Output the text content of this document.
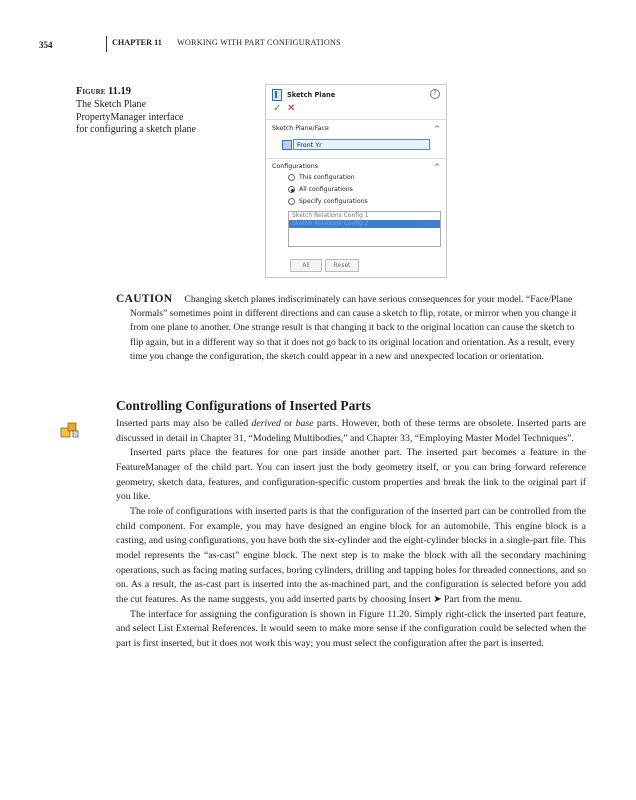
354	CHAPTER 11 WORKING WITH PART CONFIGURATIONS
Figure 11.19
The Sketch Plane PropertyManager interface for configuring a sketch plane
Sketch Plane	?
✓ ✕
Sketch Plane/Face	^
Front Yr
Configurations	^
This configuration
All configurations
Specify configurations
Sketch Relations Config 1
Sketch Relations Config 2
All	Reset
CAUTION Changing sketch planes indiscriminately can have serious consequences for your model. “Face/Plane Normals” sometimes point in different directions and can cause a sketch to flip, rotate, or mirror when you change it from one plane to another. One strange result is that changing it back to the original location can cause the sketch to flip again, but in a different way so that it does not go back to its original location and orientation. As a result, every time you change the configuration, the sketch could appear in a new and unexpected location or orientation.
Controlling Configurations of Inserted Parts

Inserted parts may also be called derived or base parts. However, both of these terms are obsolete. Inserted parts are discussed in detail in Chapter 31, “Modeling Multibodies,” and Chapter 33, “Employing Master Model Techniques”.

Inserted parts place the features for one part inside another part. The inserted part becomes a feature in the FeatureManager of the child part. You can insert just the body geometry itself, or you can bring forward reference geometry, sketch data, features, and configuration-specific custom properties and break the link to the original part if you like.

The role of configurations with inserted parts is that the configuration of the inserted part can be controlled from the child component. For example, you may have designed an engine block for an automobile. This engine block is a casting, and using configurations, you have both the six-cylinder and the eight-cylinder blocks in a single-part file. This model represents the “as-cast” engine block. The next step is to make the block with all the secondary machining operations, such as facing mating surfaces, boring cylinders, drilling and tapping holes for threaded connections, and so on. As a result, the as-cast part is inserted into the as-machined part, and the configuration is selected before you add the cut features. As the name suggests, you add inserted parts by choosing Insert ➤ Part from the menu.

The interface for assigning the configuration is shown in Figure 11.20. Simply right-click the inserted part feature, and select List External References. It would seem to make more sense if the configuration could be selected when the part is first inserted, but it does not work this way; you must select the configuration after the part is inserted.
